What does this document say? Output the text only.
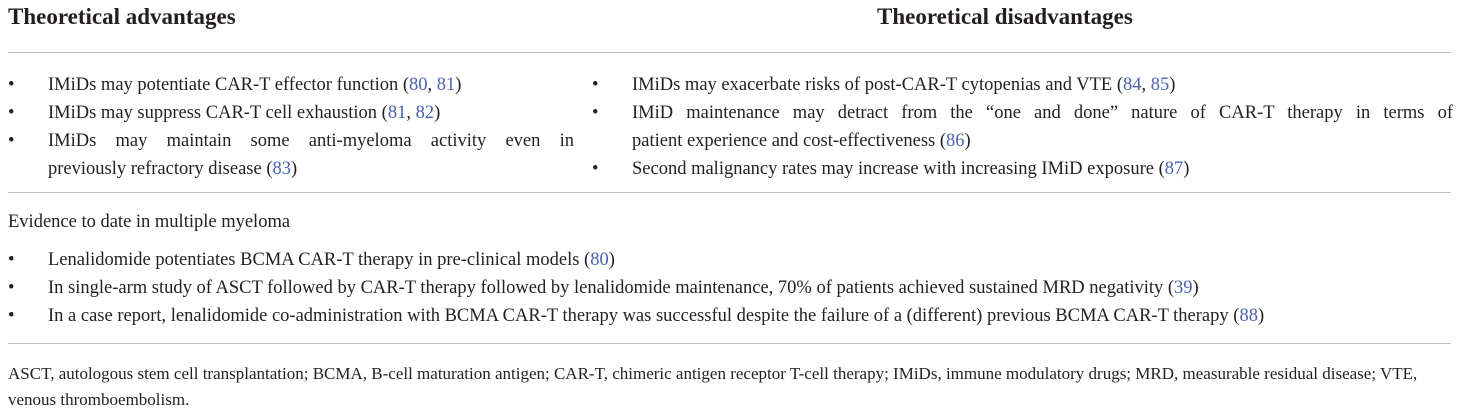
Theoretical advantages	Theoretical disadvantages
• IMiDs may potentiate CAR-T effector function (80, 81)
• IMiDs may suppress CAR-T cell exhaustion (81, 82)
• IMiDs may maintain some anti-myeloma activity even in
previously refractory disease (83)
• IMiDs may exacerbate risks of post-CAR-T cytopenias and VTE (84, 85)
• IMiD maintenance may detract from the “one and done” nature of CAR-T therapy in terms of
patient experience and cost-effectiveness (86)
• Second malignancy rates may increase with increasing IMiD exposure (87)
Evidence to date in multiple myeloma
• Lenalidomide potentiates BCMA CAR-T therapy in pre-clinical models (80)
• In single-arm study of ASCT followed by CAR-T therapy followed by lenalidomide maintenance, 70% of patients achieved sustained MRD negativity (39)
• In a case report, lenalidomide co-administration with BCMA CAR-T therapy was successful despite the failure of a (different) previous BCMA CAR-T therapy (88)
ASCT, autologous stem cell transplantation; BCMA, B-cell maturation antigen; CAR-T, chimeric antigen receptor T-cell therapy; IMiDs, immune modulatory drugs; MRD, measurable residual disease; VTE, venous thromboembolism.
